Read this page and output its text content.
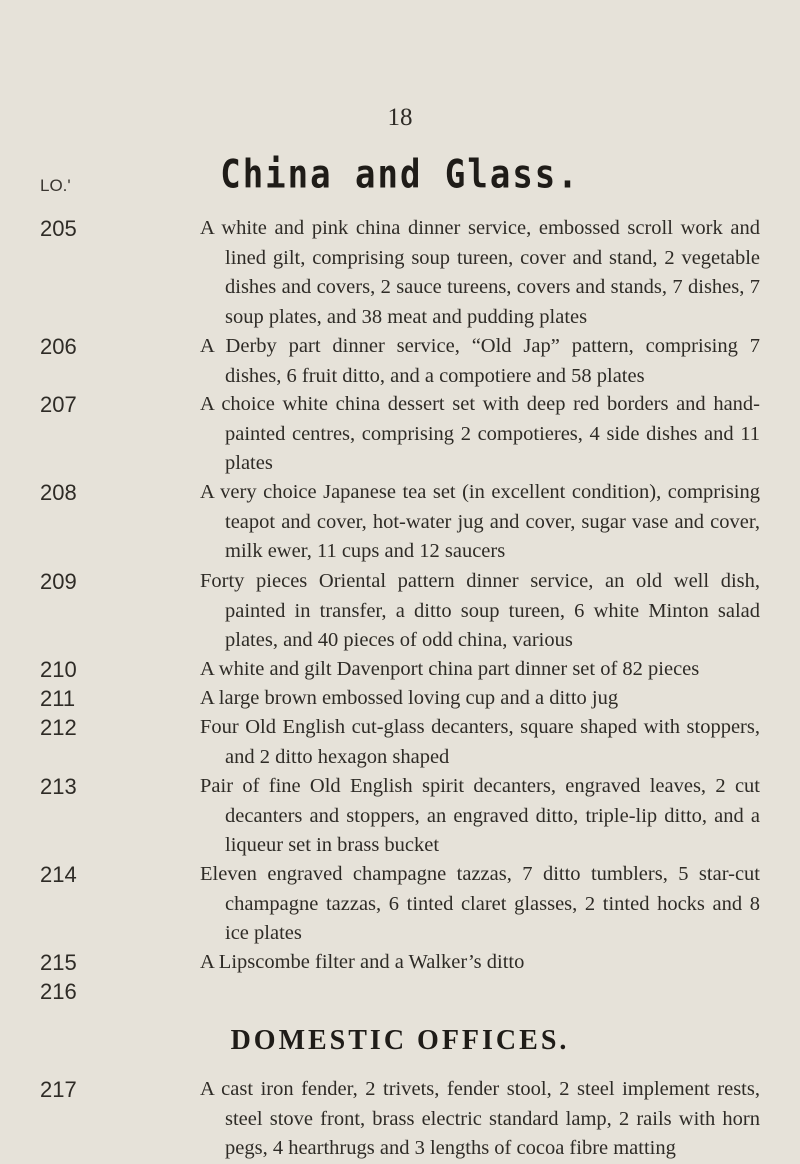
18
China and Glass.
LO.'
205	A white and pink china dinner service, embossed scroll work and lined gilt, comprising soup tureen, cover and stand, 2 vegetable dishes and covers, 2 sauce tureens, covers and stands, 7 dishes, 7 soup plates, and 38 meat and pudding plates
206	A Derby part dinner service, “Old Jap” pattern, comprising 7 dishes, 6 fruit ditto, and a compotiere and 58 plates
207	A choice white china dessert set with deep red borders and hand-painted centres, comprising 2 compotieres, 4 side dishes and 11 plates
208	A very choice Japanese tea set (in excellent condition), comprising teapot and cover, hot-water jug and cover, sugar vase and cover, milk ewer, 11 cups and 12 saucers
209	Forty pieces Oriental pattern dinner service, an old well dish, painted in transfer, a ditto soup tureen, 6 white Minton salad plates, and 40 pieces of odd china, various
210	A white and gilt Davenport china part dinner set of 82 pieces
211	A large brown embossed loving cup and a ditto jug
212	Four Old English cut-glass decanters, square shaped with stoppers, and 2 ditto hexagon shaped
213	Pair of fine Old English spirit decanters, engraved leaves, 2 cut decanters and stoppers, an engraved ditto, triple-lip ditto, and a liqueur set in brass bucket
214	Eleven engraved champagne tazzas, 7 ditto tumblers, 5 star-cut champagne tazzas, 6 tinted claret glasses, 2 tinted hocks and 8 ice plates
215	A Lipscombe filter and a Walker’s ditto
216
DOMESTIC OFFICES.
217	A cast iron fender, 2 trivets, fender stool, 2 steel implement rests, steel stove front, brass electric standard lamp, 2 rails with horn pegs, 4 hearthrugs and 3 lengths of cocoa fibre matting
